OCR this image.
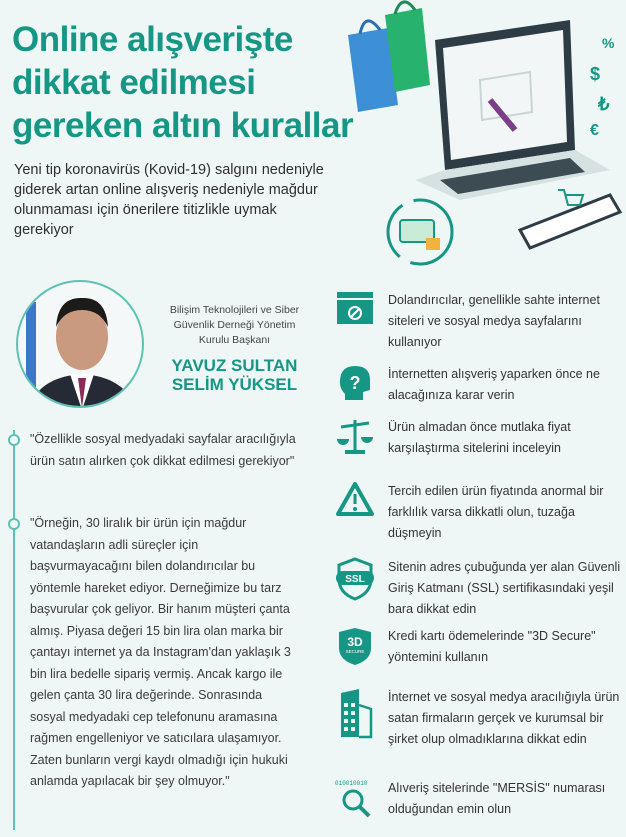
Online alışverişte
dikkat edilmesi
gereken altın kurallar
Yeni tip koronavirüs (Kovid-19) salgını nedeniyle giderek artan online alışveriş nedeniyle mağdur olunmaması için önerilere titizlikle uymak gerekiyor
%
$
₺
€
Bilişim Teknolojileri ve Siber Güvenlik Derneği Yönetim Kurulu Başkanı
YAVUZ SULTAN
SELİM YÜKSEL
"Özellikle sosyal medyadaki sayfalar aracılığıyla ürün satın alırken çok dikkat edilmesi gerekiyor"
"Örneğin, 30 liralık bir ürün için mağdur vatandaşların adli süreçler için başvurmayacağını bilen dolandırıcılar bu yöntemle hareket ediyor. Derneğimize bu tarz başvurular çok geliyor. Bir hanım müşteri çanta almış. Piyasa değeri 15 bin lira olan marka bir çantayı internet ya da Instagram'dan yaklaşık 3 bin lira bedelle sipariş vermiş. Ancak kargo ile gelen çanta 30 lira değerinde. Sonrasında sosyal medyadaki cep telefonunu aramasına rağmen engelleniyor ve satıcılara ulaşamıyor. Zaten bunların vergi kaydı olmadığı için hukuki anlamda yapılacak bir şey olmuyor."
Dolandırıcılar, genellikle sahte internet siteleri ve sosyal medya sayfalarını kullanıyor
? İnternetten alışveriş yaparken önce ne alacağınıza karar verin
Ürün almadan önce mutlaka fiyat karşılaştırma sitelerini inceleyin
Tercih edilen ürün fiyatında anormal bir farklılık varsa dikkatli olun, tuzağa düşmeyin
SSL
Sitenin adres çubuğunda yer alan Güvenli Giriş Katmanı (SSL) sertifikasındaki yeşil bara dikkat edin
3D
SECURE
Kredi kartı ödemelerinde "3D Secure" yöntemini kullanın
İnternet ve sosyal medya aracılığıyla ürün satan firmaların gerçek ve kurumsal bir şirket olup olmadıklarına dikkat edin
010010010 Alıveriş sitelerinde "MERSİS" numarası olduğundan emin olun
